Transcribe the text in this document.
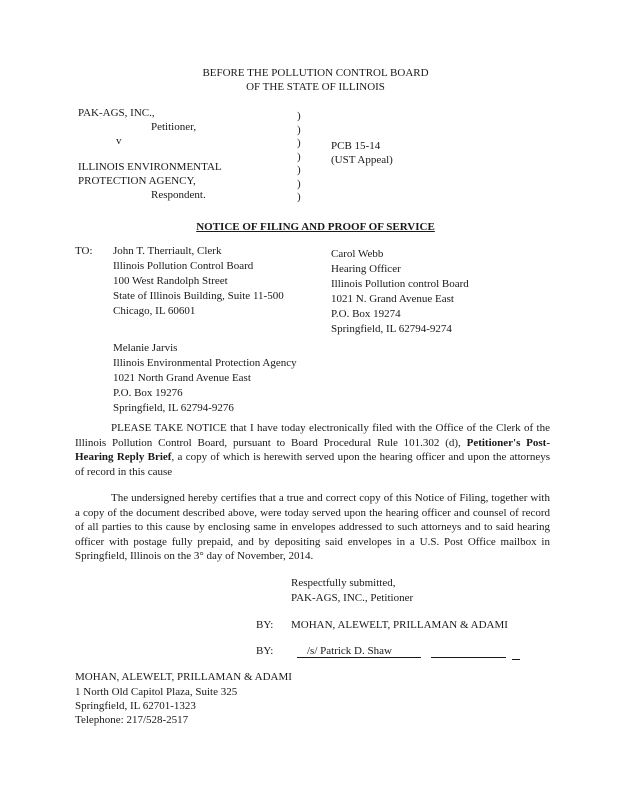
BEFORE THE POLLUTION CONTROL BOARD
OF THE STATE OF ILLINOIS
PAK-AGS, INC.,
Petitioner,
v
ILLINOIS ENVIRONMENTAL
PROTECTION AGENCY,
Respondent.
)
)
)
)
)
)
)
PCB 15-14
(UST Appeal)
NOTICE OF FILING AND PROOF OF SERVICE
TO: John T. Therriault, Clerk
Illinois Pollution Control Board
100 West Randolph Street
State of Illinois Building, Suite 11-500
Chicago, IL 60601
Carol Webb
Hearing Officer
Illinois Pollution control Board
1021 N. Grand Avenue East
P.O. Box 19274
Springfield, IL 62794-9274
Melanie Jarvis
Illinois Environmental Protection Agency
1021 North Grand Avenue East
P.O. Box 19276
Springfield, IL 62794-9276
PLEASE TAKE NOTICE that I have today electronically filed with the Office of the Clerk of the Illinois Pollution Control Board, pursuant to Board Procedural Rule 101.302 (d), Petitioner's Post-Hearing Reply Brief, a copy of which is herewith served upon the hearing officer and upon the attorneys of record in this cause
The undersigned hereby certifies that a true and correct copy of this Notice of Filing, together with a copy of the document described above, were today served upon the hearing officer and counsel of record of all parties to this cause by enclosing same in envelopes addressed to such attorneys and to said hearing officer with postage fully prepaid, and by depositing said envelopes in a U.S. Post Office mailbox in Springfield, Illinois on the 3° day of November, 2014.
Respectfully submitted,
PAK-AGS, INC., Petitioner
BY: MOHAN, ALEWELT, PRILLAMAN & ADAMI
BY:	/s/ Patrick D. Shaw
MOHAN, ALEWELT, PRILLAMAN & ADAMI
1 North Old Capitol Plaza, Suite 325
Springfield, IL 62701-1323
Telephone: 217/528-2517
